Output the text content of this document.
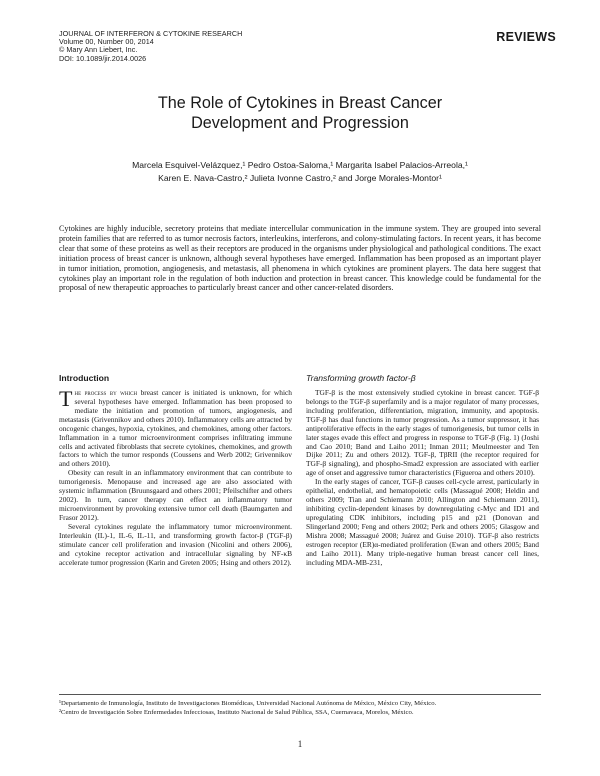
JOURNAL OF INTERFERON & CYTOKINE RESEARCH
Volume 00, Number 00, 2014
© Mary Ann Liebert, Inc.
DOI: 10.1089/jir.2014.0026
REVIEWS
The Role of Cytokines in Breast Cancer
Development and Progression
Marcela Esquivel-Velázquez,¹ Pedro Ostoa-Saloma,¹ Margarita Isabel Palacios-Arreola,¹
Karen E. Nava-Castro,² Julieta Ivonne Castro,² and Jorge Morales-Montor¹
Cytokines are highly inducible, secretory proteins that mediate intercellular communication in the immune system. They are grouped into several protein families that are referred to as tumor necrosis factors, interleukins, interferons, and colony-stimulating factors. In recent years, it has become clear that some of these proteins as well as their receptors are produced in the organisms under physiological and pathological conditions. The exact initiation process of breast cancer is unknown, although several hypotheses have emerged. Inflammation has been proposed as an important player in tumor initiation, promotion, angiogenesis, and metastasis, all phenomena in which cytokines are prominent players. The data here suggest that cytokines play an important role in the regulation of both induction and protection in breast cancer. This knowledge could be fundamental for the proposal of new therapeutic approaches to particularly breast cancer and other cancer-related disorders.
Introduction

The process by which breast cancer is initiated is unknown, for which several hypotheses have emerged. Inflammation has been proposed to mediate the initiation and promotion of tumors, angiogenesis, and metastasis (Grivennikov and others 2010). Inflammatory cells are attracted by oncogenic changes, hypoxia, cytokines, and chemokines, among other factors. Inflammation in a tumor microenvironment comprises infiltrating immune cells and activated fibroblasts that secrete cytokines, chemokines, and growth factors to which the tumor responds (Coussens and Werb 2002; Grivennikov and others 2010).

Obesity can result in an inflammatory environment that can contribute to tumorigenesis. Menopause and increased age are also associated with systemic inflammation (Bruunsgaard and others 2001; Pfeilschifter and others 2002). In turn, cancer therapy can effect an inflammatory tumor microenvironment by provoking extensive tumor cell death (Baumgarten and Frasor 2012).

Several cytokines regulate the inflammatory tumor microenvironment. Interleukin (IL)-1, IL-6, IL-11, and transforming growth factor-β (TGF-β) stimulate cancer cell proliferation and invasion (Nicolini and others 2006), and cytokine receptor activation and intracellular signaling by NF-κB accelerate tumor progression (Karin and Greten 2005; Hsing and others 2012).

Transforming growth factor-β

TGF-β is the most extensively studied cytokine in breast cancer. TGF-β belongs to the TGF-β superfamily and is a major regulator of many processes, including proliferation, differentiation, migration, immunity, and apoptosis. TGF-β has dual functions in tumor progression. As a tumor suppressor, it has antiproliferative effects in the early stages of tumorigenesis, but tumor cells in later stages evade this effect and progress in response to TGF-β (Fig. 1) (Joshi and Cao 2010; Band and Laiho 2011; Inman 2011; Meulmeester and Ten Dijke 2011; Zu and others 2012). TGF-β, TβRII (the receptor required for TGF-β signaling), and phospho-Smad2 expression are associated with earlier age of onset and aggressive tumor characteristics (Figueroa and others 2010).

In the early stages of cancer, TGF-β causes cell-cycle arrest, particularly in epithelial, endothelial, and hematopoietic cells (Massagué 2008; Heldin and others 2009; Tian and Schiemann 2010; Allington and Schiemann 2011), inhibiting cyclin-dependent kinases by downregulating c-Myc and ID1 and upregulating CDK inhibitors, including p15 and p21 (Donovan and Slingerland 2000; Feng and others 2002; Perk and others 2005; Glasgow and Mishra 2008; Massagué 2008; Juárez and Guise 2010). TGF-β also restricts estrogen receptor (ER)α-mediated proliferation (Ewan and others 2005; Band and Laiho 2011). Many triple-negative human breast cancer cell lines, including MDA-MB-231,

¹Departamento de Inmunología, Instituto de Investigaciones Biomédicas, Universidad Nacional Autónoma de México, México City, México.

²Centro de Investigación Sobre Enfermedades Infecciosas, Instituto Nacional de Salud Pública, SSA, Cuernavaca, Morelos, México.

1
